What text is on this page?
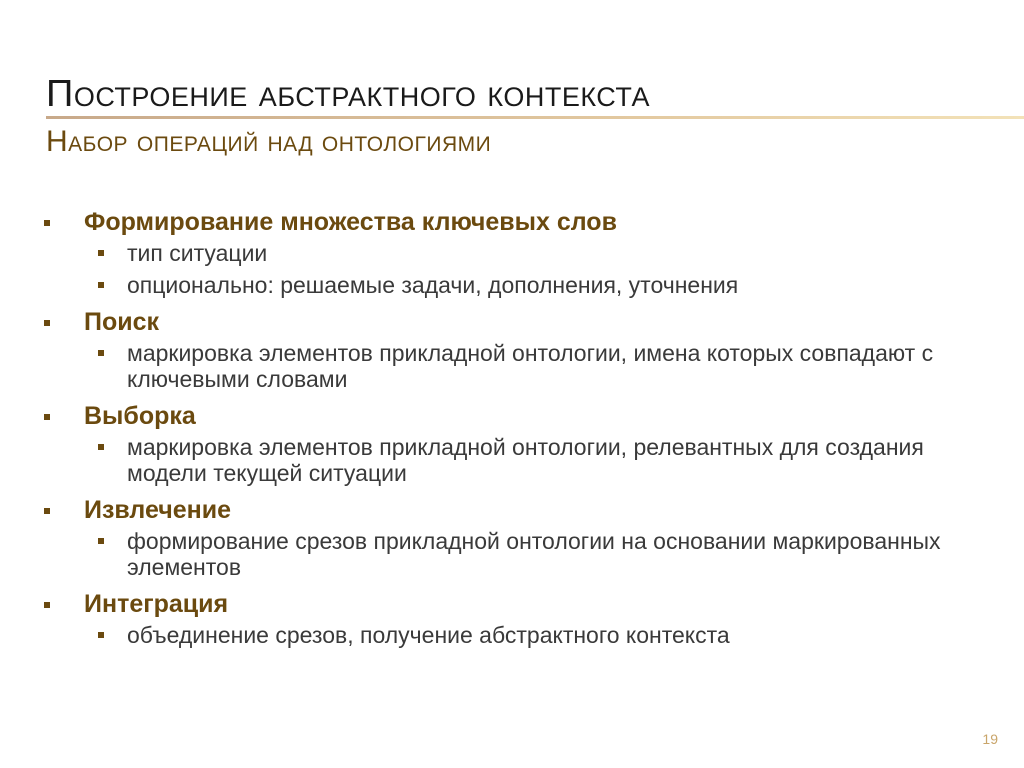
Построение абстрактного контекста
Набор операций над онтологиями
Формирование множества ключевых слов
тип ситуации
опционально: решаемые задачи, дополнения, уточнения
Поиск
маркировка элементов прикладной онтологии, имена которых совпадают с ключевыми словами
Выборка
маркировка элементов прикладной онтологии, релевантных для создания модели текущей ситуации
Извлечение
формирование срезов прикладной онтологии на основании маркированных элементов
Интеграция
объединение срезов, получение абстрактного контекста
19
